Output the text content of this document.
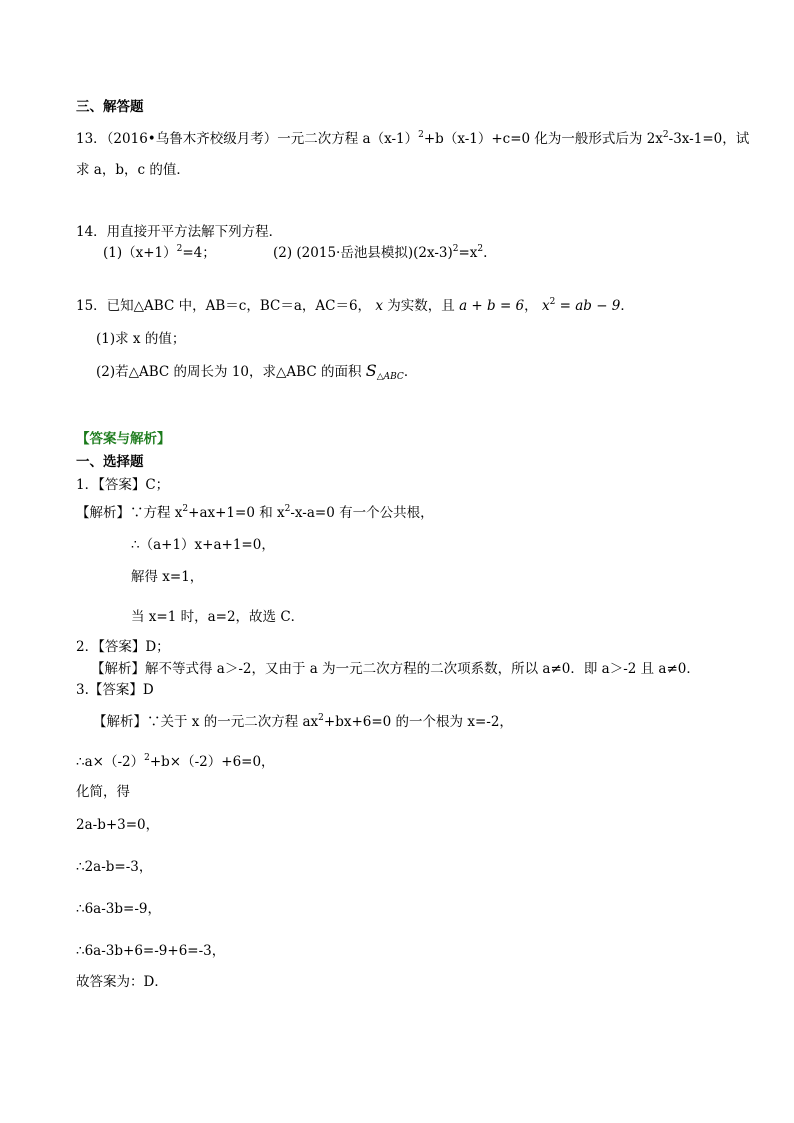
三、解答题
13．（2016•乌鲁木齐校级月考）一元二次方程 $a(x-1)^2+b(x-1)+c=0$ 化为一般形式后为 $2x^2-3x-1=0$，试
求 a，b，c 的值．
14．用直接开平方法解下列方程．
$(1)(x+1)^2=4$；	(2) (2015·岳池县模拟)$(2x-3)^2=x^2$.
15．已知△ABC 中，AB＝c，BC＝a，AC＝6， x 为实数，且 a + b = 6， $x^2$ = ab − 9．
(1)求 x 的值；
(2)若△ABC 的周长为 10，求△ABC 的面积 $S_{\triangle ABC}$．
【答案与解析】
一、选择题
1．【答案】C；
【解析】∵方程 $x^2+ax+1=0$ 和 $x^2-x-a=0$ 有一个公共根，
∴（a+1）x+a+1=0，
解得 x=1，
当 x=1 时，a=2，故选 C．
2．【答案】D；
【解析】解不等式得 a＞-2，又由于 a 为一元二次方程的二次项系数，所以 a≠0．即 a＞-2 且 a≠0．
3.【答案】D
【解析】∵关于 x 的一元二次方程 $ax^2+bx+6=0$ 的一个根为 x=-2，
$\therefore a\times(-2)^2+b\times(-2)+6=0$，
化简，得
2a-b+3=0，
∴2a-b=-3，
∴6a-3b=-9，
∴6a-3b+6=-9+6=-3，
故答案为：D．
